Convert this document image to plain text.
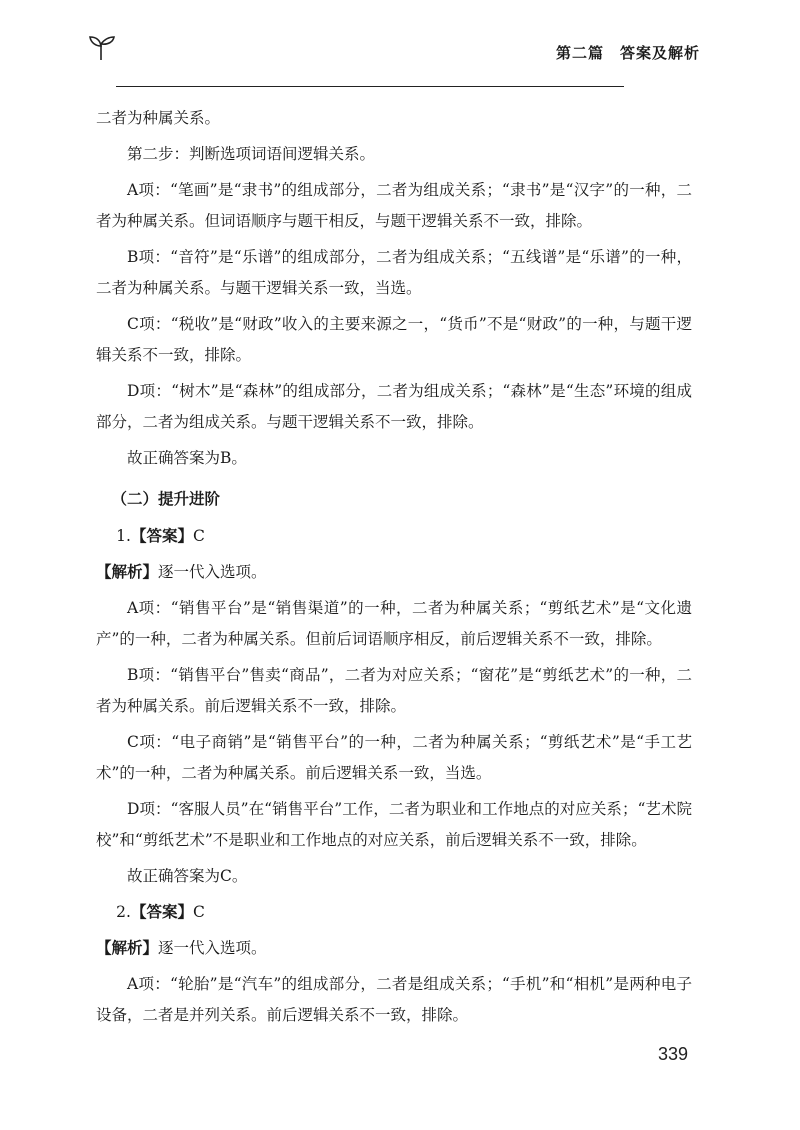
第二篇　答案及解析

二者为种属关系。

第二步：判断选项词语间逻辑关系。

A项：“笔画”是“隶书”的组成部分，二者为组成关系；“隶书”是“汉字”的一种，二者为种属关系。但词语顺序与题干相反，与题干逻辑关系不一致，排除。

B项：“音符”是“乐谱”的组成部分，二者为组成关系；“五线谱”是“乐谱”的一种，二者为种属关系。与题干逻辑关系一致，当选。

C项：“税收”是“财政”收入的主要来源之一，“货币”不是“财政”的一种，与题干逻辑关系不一致，排除。

D项：“树木”是“森林”的组成部分，二者为组成关系；“森林”是“生态”环境的组成部分，二者为组成关系。与题干逻辑关系不一致，排除。

故正确答案为B。

（二）提升进阶

1.【答案】C

【解析】逐一代入选项。

A项：“销售平台”是“销售渠道”的一种，二者为种属关系；“剪纸艺术”是“文化遗产”的一种，二者为种属关系。但前后词语顺序相反，前后逻辑关系不一致，排除。

B项：“销售平台”售卖“商品”，二者为对应关系；“窗花”是“剪纸艺术”的一种，二者为种属关系。前后逻辑关系不一致，排除。

C项：“电子商销”是“销售平台”的一种，二者为种属关系；“剪纸艺术”是“手工艺术”的一种，二者为种属关系。前后逻辑关系一致，当选。

D项：“客服人员”在“销售平台”工作，二者为职业和工作地点的对应关系；“艺术院校”和“剪纸艺术”不是职业和工作地点的对应关系，前后逻辑关系不一致，排除。

故正确答案为C。

2.【答案】C

【解析】逐一代入选项。

A项：“轮胎”是“汽车”的组成部分，二者是组成关系；“手机”和“相机”是两种电子设备，二者是并列关系。前后逻辑关系不一致，排除。

339
